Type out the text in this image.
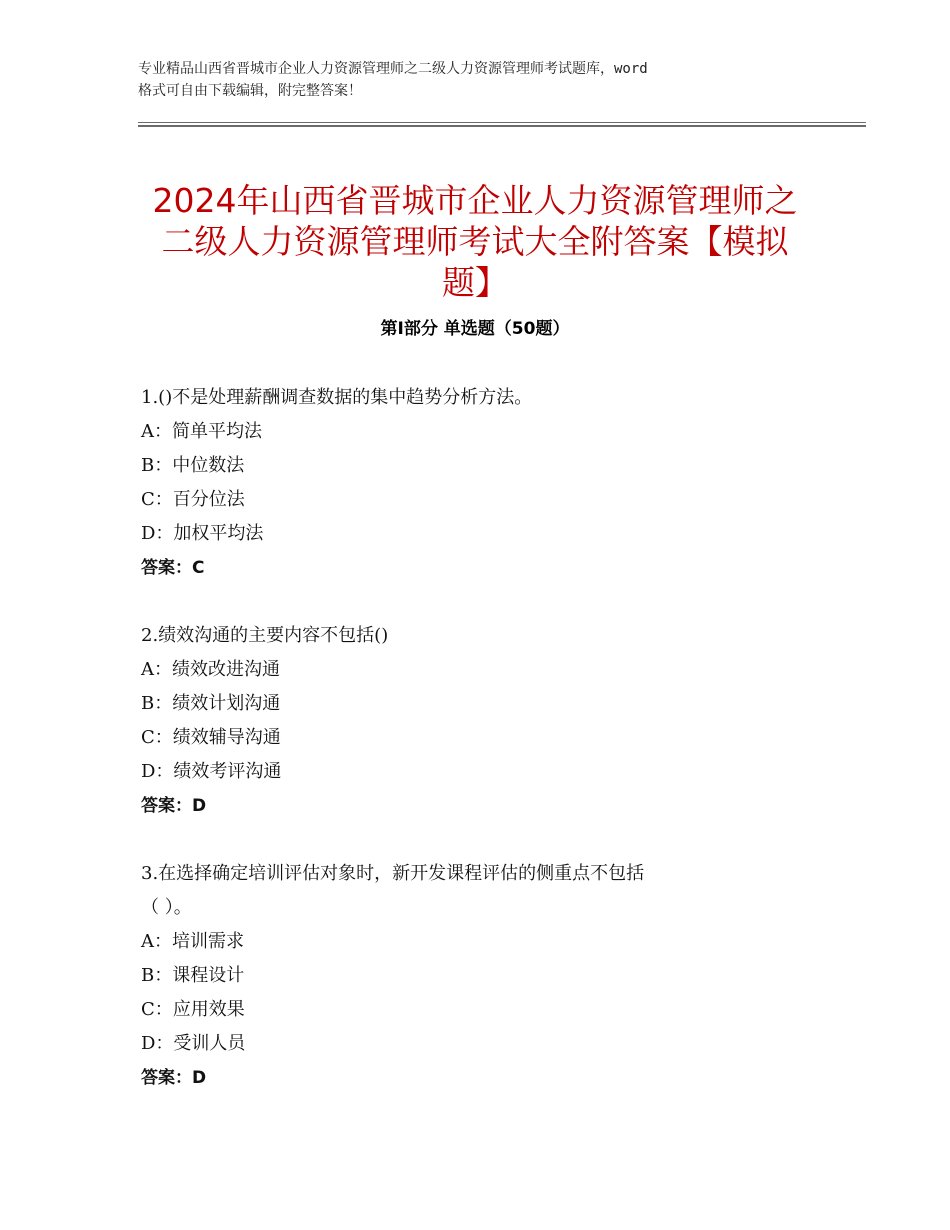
专业精品山西省晋城市企业人力资源管理师之二级人力资源管理师考试题库，word
格式可自由下载编辑，附完整答案！
2024年山西省晋城市企业人力资源管理师之
二级人力资源管理师考试大全附答案【模拟
题】
第Ⅰ部分 单选题（50题）
1.()不是处理薪酬调查数据的集中趋势分析方法。
A：简单平均法
B：中位数法
C：百分位法
D：加权平均法
答案：C
2.绩效沟通的主要内容不包括()
A：绩效改进沟通
B：绩效计划沟通
C：绩效辅导沟通
D：绩效考评沟通
答案：D
3.在选择确定培训评估对象时，新开发课程评估的侧重点不包括
（ ）。
A：培训需求
B：课程设计
C：应用效果
D：受训人员
答案：D
